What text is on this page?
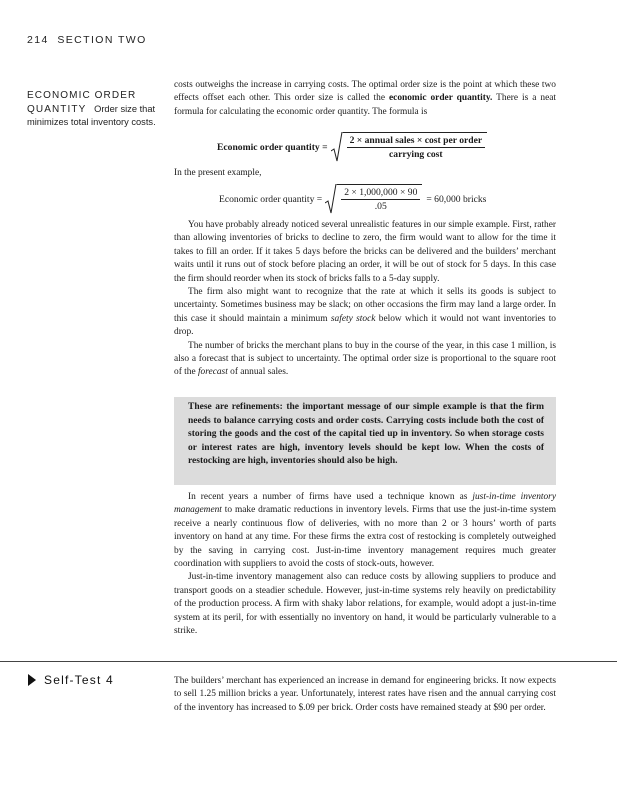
214 SECTION TWO
ECONOMIC ORDER QUANTITY Order size that minimizes total inventory costs.

costs outweighs the increase in carrying costs. The optimal order size is the point at which these two effects offset each other. This order size is called the economic order quantity. There is a neat formula for calculating the economic order quantity. The formula is

Economic order quantity = $\frac{\text{2 × annual sales × cost per order}}{\text{carrying cost}}$

In the present example,

Economic order quantity = $\frac{2 \times 1,000,000 \times 90}{.05} = 60,000$ bricks

You have probably already noticed several unrealistic features in our simple example. First, rather than allowing inventories of bricks to decline to zero, the firm would want to allow for the time it takes to fill an order. If it takes 5 days before the bricks can be delivered and the builders’ merchant waits until it runs out of stock before placing an order, it will be out of stock for 5 days. In this case the firm should reorder when its stock of bricks falls to a 5-day supply.

The firm also might want to recognize that the rate at which it sells its goods is subject to uncertainty. Sometimes business may be slack; on other occasions the firm may land a large order. In this case it should maintain a minimum safety stock below which it would not want inventories to drop.

The number of bricks the merchant plans to buy in the course of the year, in this case 1 million, is also a forecast that is subject to uncertainty. The optimal order size is proportional to the square root of the forecast of annual sales.

These are refinements: the important message of our simple example is that the firm needs to balance carrying costs and order costs. Carrying costs include both the cost of storing the goods and the cost of the capital tied up in inventory. So when storage costs or interest rates are high, inventory levels should be kept low. When the costs of restocking are high, inventories should also be high.

In recent years a number of firms have used a technique known as just-in-time inventory management to make dramatic reductions in inventory levels. Firms that use the just-in-time system receive a nearly continuous flow of deliveries, with no more than 2 or 3 hours’ worth of parts inventory on hand at any time. For these firms the extra cost of restocking is completely outweighed by the saving in carrying cost. Just-in-time inventory management requires much greater coordination with suppliers to avoid the costs of stock-outs, however.

Just-in-time inventory management also can reduce costs by allowing suppliers to produce and transport goods on a steadier schedule. However, just-in-time systems rely heavily on predictability of the production process. A firm with shaky labor relations, for example, would adopt a just-in-time system at its peril, for with essentially no inventory on hand, it would be particularly vulnerable to a strike.

Self-Test 4	The builders’ merchant has experienced an increase in demand for engineering bricks. It now expects to sell 1.25 million bricks a year. Unfortunately, interest rates have risen and the annual carrying cost of the inventory has increased to $.09 per brick. Order costs have remained steady at $90 per order.
